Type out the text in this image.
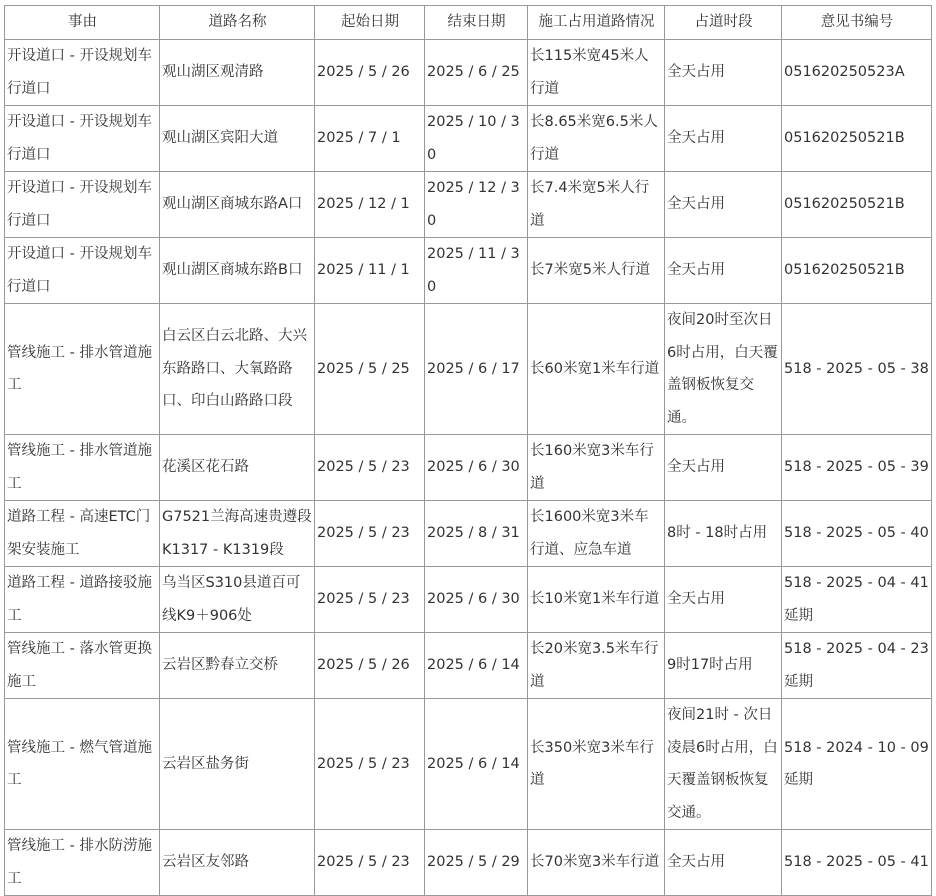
事由	道路名称	起始日期	结束日期	施工占用道路情况	占道时段	意见书编号
开设道口 - 开设规划车行道口	观山湖区观清路	2025 / 5 / 26	2025 / 6 / 25	长115米宽45米人行道	全天占用	051620250523A
开设道口 - 开设规划车行道口	观山湖区宾阳大道	2025 / 7 / 1	2025 / 10 / 30	长8.65米宽6.5米人行道	全天占用	051620250521B
开设道口 - 开设规划车行道口	观山湖区商城东路A口	2025 / 12 / 1	2025 / 12 / 30	长7.4米宽5米人行道	全天占用	051620250521B
开设道口 - 开设规划车行道口	观山湖区商城东路B口	2025 / 11 / 1	2025 / 11 / 30	长7米宽5米人行道	全天占用	051620250521B
管线施工 - 排水管道施工	白云区白云北路、大兴东路路口、大氧路路口、印白山路路口段	2025 / 5 / 25	2025 / 6 / 17	长60米宽1米车行道	夜间20时至次日6时占用，白天覆盖钢板恢复交通。	518 - 2025 - 05 - 38
管线施工 - 排水管道施工	花溪区花石路	2025 / 5 / 23	2025 / 6 / 30	长160米宽3米车行道	全天占用	518 - 2025 - 05 - 39
道路工程 - 高速ETC门架安装施工	G7521兰海高速贵遵段K1317 - K1319段	2025 / 5 / 23	2025 / 8 / 31	长1600米宽3米车行道、应急车道	8时 - 18时占用	518 - 2025 - 05 - 40
道路工程 - 道路接驳施工	乌当区S310县道百可线K9＋906处	2025 / 5 / 23	2025 / 6 / 30	长10米宽1米车行道	全天占用	518 - 2025 - 04 - 41延期
管线施工 - 落水管更换施工	云岩区黔春立交桥	2025 / 5 / 26	2025 / 6 / 14	长20米宽3.5米车行道	9时17时占用	518 - 2025 - 04 - 23延期
管线施工 - 燃气管道施工	云岩区盐务街	2025 / 5 / 23	2025 / 6 / 14	长350米宽3米车行道	夜间21时 - 次日凌晨6时占用，白天覆盖钢板恢复交通。	518 - 2024 - 10 - 09延期
管线施工 - 排水防涝施工	云岩区友邻路	2025 / 5 / 23	2025 / 5 / 29	长70米宽3米车行道	全天占用	518 - 2025 - 05 - 41
